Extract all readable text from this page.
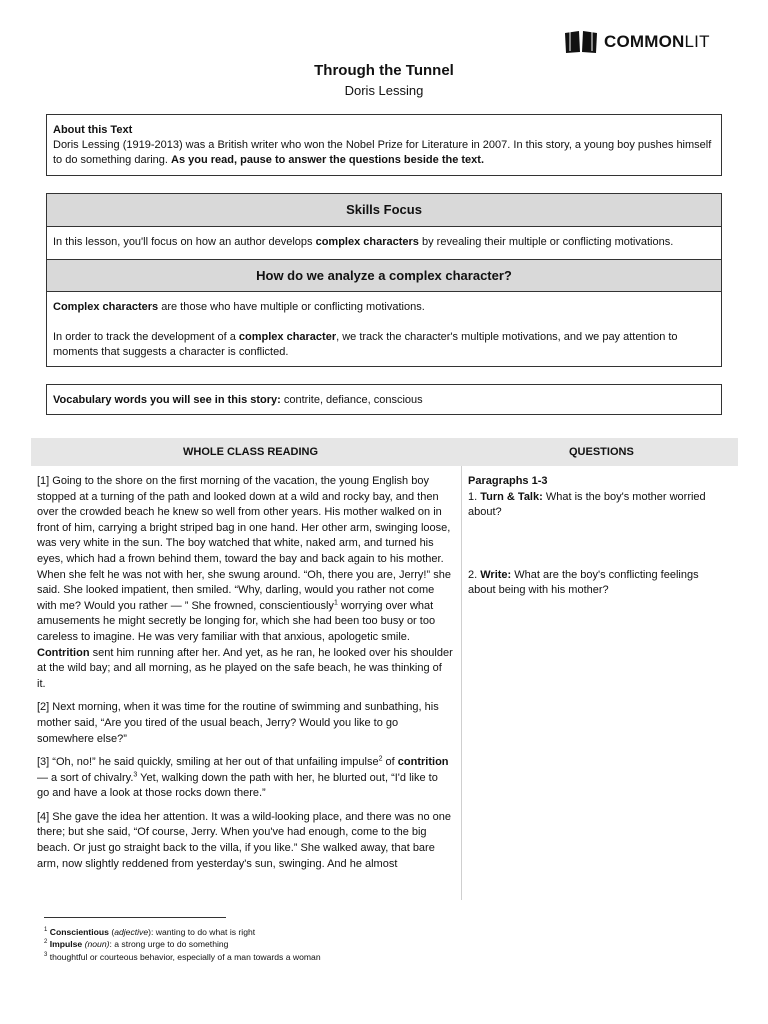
COMMONLIT
Through the Tunnel
Doris Lessing
About this Text
Doris Lessing (1919-2013) was a British writer who won the Nobel Prize for Literature in 2007. In this story, a young boy pushes himself to do something daring. As you read, pause to answer the questions beside the text.
Skills Focus
In this lesson, you'll focus on how an author develops complex characters by revealing their multiple or conflicting motivations.
How do we analyze a complex character?

Complex characters are those who have multiple or conflicting motivations.

In order to track the development of a complex character, we track the character's multiple motivations, and we pay attention to moments that suggests a character is conflicted.

Vocabulary words you will see in this story: contrite, defiance, conscious
WHOLE CLASS READING	QUESTIONS

[1] Going to the shore on the first morning of the vacation, the young English boy stopped at a turning of the path and looked down at a wild and rocky bay, and then over the crowded beach he knew so well from other years. His mother walked on in front of him, carrying a bright striped bag in one hand. Her other arm, swinging loose, was very white in the sun. The boy watched that white, naked arm, and turned his eyes, which had a frown behind them, toward the bay and back again to his mother. When she felt he was not with her, she swung around. “Oh, there you are, Jerry!” she said. She looked impatient, then smiled. “Why, darling, would you rather not come with me? Would you rather — ” She frowned, conscientiously$^1$ worrying over what amusements he might secretly be longing for, which she had been too busy or too careless to imagine. He was very familiar with that anxious, apologetic smile. Contrition sent him running after her. And yet, as he ran, he looked over his shoulder at the wild bay; and all morning, as he played on the safe beach, he was thinking of it.

[2] Next morning, when it was time for the routine of swimming and sunbathing, his mother said, “Are you tired of the usual beach, Jerry? Would you like to go somewhere else?”

[3] “Oh, no!” he said quickly, smiling at her out of that unfailing impulse$^2$ of contrition — a sort of chivalry.$^3$ Yet, walking down the path with her, he blurted out, “I'd like to go and have a look at those rocks down there.”

[4] She gave the idea her attention. It was a wild-looking place, and there was no one there; but she said, “Of course, Jerry. When you've had enough, come to the big beach. Or just go straight back to the villa, if you like.” She walked away, that bare arm, now slightly reddened from yesterday's sun, swinging. And he almost

Paragraphs 1-3
1. Turn & Talk: What is the boy's mother worried about?
2. Write: What are the boy's conflicting feelings about being with his mother?
$^1$ Conscientious (adjective): wanting to do what is right
$^2$ Impulse (noun): a strong urge to do something
$^3$ thoughtful or courteous behavior, especially of a man towards a woman
